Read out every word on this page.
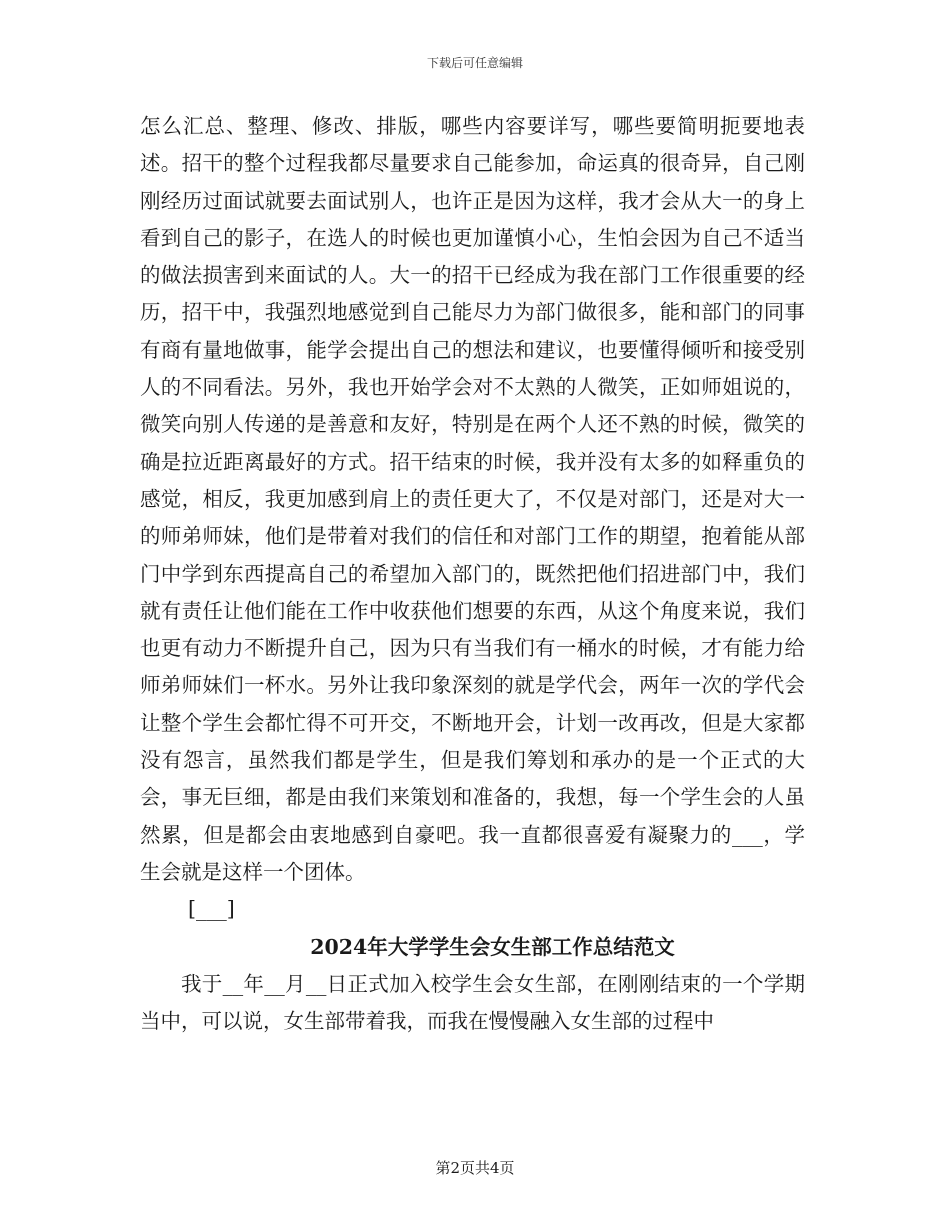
下载后可任意编辑

怎么汇总、整理、修改、排版，哪些内容要详写，哪些要简明扼要地表述。招干的整个过程我都尽量要求自己能参加，命运真的很奇异，自己刚刚经历过面试就要去面试别人，也许正是因为这样，我才会从大一的身上看到自己的影子，在选人的时候也更加谨慎小心，生怕会因为自己不适当的做法损害到来面试的人。大一的招干已经成为我在部门工作很重要的经历，招干中，我强烈地感觉到自己能尽力为部门做很多，能和部门的同事有商有量地做事，能学会提出自己的想法和建议，也要懂得倾听和接受别人的不同看法。另外，我也开始学会对不太熟的人微笑，正如师姐说的，微笑向别人传递的是善意和友好，特别是在两个人还不熟的时候，微笑的确是拉近距离最好的方式。招干结束的时候，我并没有太多的如释重负的感觉，相反，我更加感到肩上的责任更大了，不仅是对部门，还是对大一的师弟师妹，他们是带着对我们的信任和对部门工作的期望，抱着能从部门中学到东西提高自己的希望加入部门的，既然把他们招进部门中，我们就有责任让他们能在工作中收获他们想要的东西，从这个角度来说，我们也更有动力不断提升自己，因为只有当我们有一桶水的时候，才有能力给师弟师妹们一杯水。另外让我印象深刻的就是学代会，两年一次的学代会让整个学生会都忙得不可开交，不断地开会，计划一改再改，但是大家都没有怨言，虽然我们都是学生，但是我们筹划和承办的是一个正式的大会，事无巨细，都是由我们来策划和准备的，我想，每一个学生会的人虽然累，但是都会由衷地感到自豪吧。我一直都很喜爱有凝聚力的___，学生会就是这样一个团体。

[___]

2024年大学学生会女生部工作总结范文

我于__年__月__日正式加入校学生会女生部，在刚刚结束的一个学期当中，可以说，女生部带着我，而我在慢慢融入女生部的过程中

第2页共4页
